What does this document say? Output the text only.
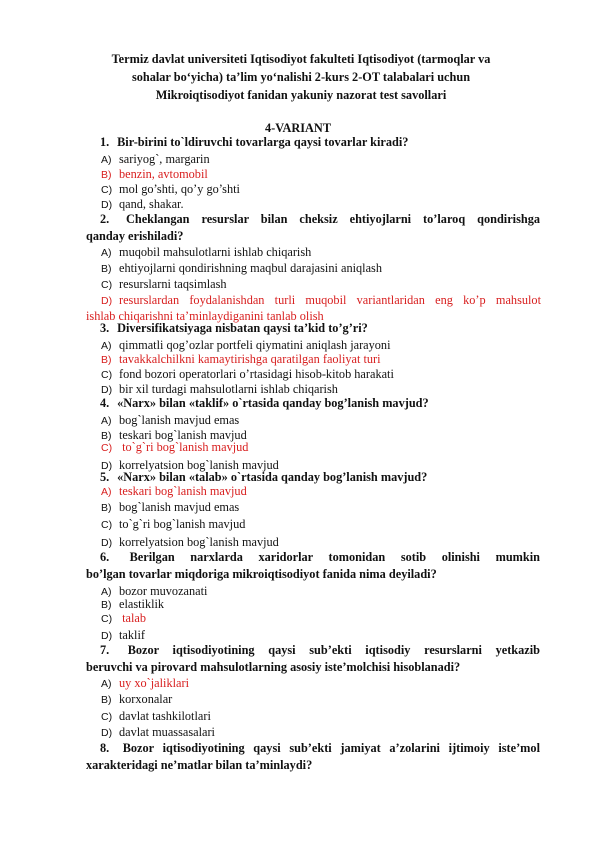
Termiz davlat universiteti Iqtisodiyot fakulteti Iqtisodiyot (tarmoqlar va
sohalar bo‘yicha) ta’lim yo‘nalishi 2-kurs 2-OT talabalari uchun
Mikroiqtisodiyot fanidan yakuniy nazorat test savollari
4-VARIANT
1. Bir-birini to`ldiruvchi tovarlarga qaysi tovarlar kiradi?
A) sariyog`, margarin
B) benzin, avtomobil
C) mol go’shti, qo’y go’shti
D) qand, shakar.
2. Cheklangan resurslar bilan cheksiz ehtiyojlarni to’laroq qondirishga
qanday erishiladi?
A) muqobil mahsulotlarni ishlab chiqarish
B) ehtiyojlarni qondirishning maqbul darajasini aniqlash
C) resurslarni taqsimlash
D) resurslardan foydalanishdan turli muqobil variantlaridan eng ko’p mahsulot
ishlab chiqarishni ta’minlaydiganini tanlab olish
3. Diversifikatsiyaga nisbatan qaysi ta’kid to’g’ri?
A) qimmatli qog’ozlar portfeli qiymatini aniqlash jarayoni
B) tavakkalchilkni kamaytirishga qaratilgan faoliyat turi
C) fond bozori operatorlari o’rtasidagi hisob-kitob harakati
D) bir xil turdagi mahsulotlarni ishlab chiqarish
4. «Narx» bilan «taklif» o`rtasida qanday bog’lanish mavjud?
A) bog`lanish mavjud emas
B) teskari bog`lanish mavjud
C) to`g`ri bog`lanish mavjud
D) korrelyatsion bog`lanish mavjud
5. «Narx» bilan «talab» o`rtasida qanday bog’lanish mavjud?
A) teskari bog`lanish mavjud
B) bog`lanish mavjud emas
C) to`g`ri bog`lanish mavjud
D) korrelyatsion bog`lanish mavjud
6. Berilgan narxlarda xaridorlar tomonidan sotib olinishi mumkin
bo’lgan tovarlar miqdoriga mikroiqtisodiyot fanida nima deyiladi?
A) bozor muvozanati
B) elastiklik
C) talab
D) taklif
7. Bozor iqtisodiyotining qaysi sub’ekti iqtisodiy resurslarni yetkazib
beruvchi va pirovard mahsulotlarning asosiy iste’molchisi hisoblanadi?
A) uy xo`jaliklari
B) korxonalar
C) davlat tashkilotlari
D) davlat muassasalari
8. Bozor iqtisodiyotining qaysi sub’ekti jamiyat a’zolarini ijtimoiy iste’mol
xarakteridagi ne’matlar bilan ta’minlaydi?
